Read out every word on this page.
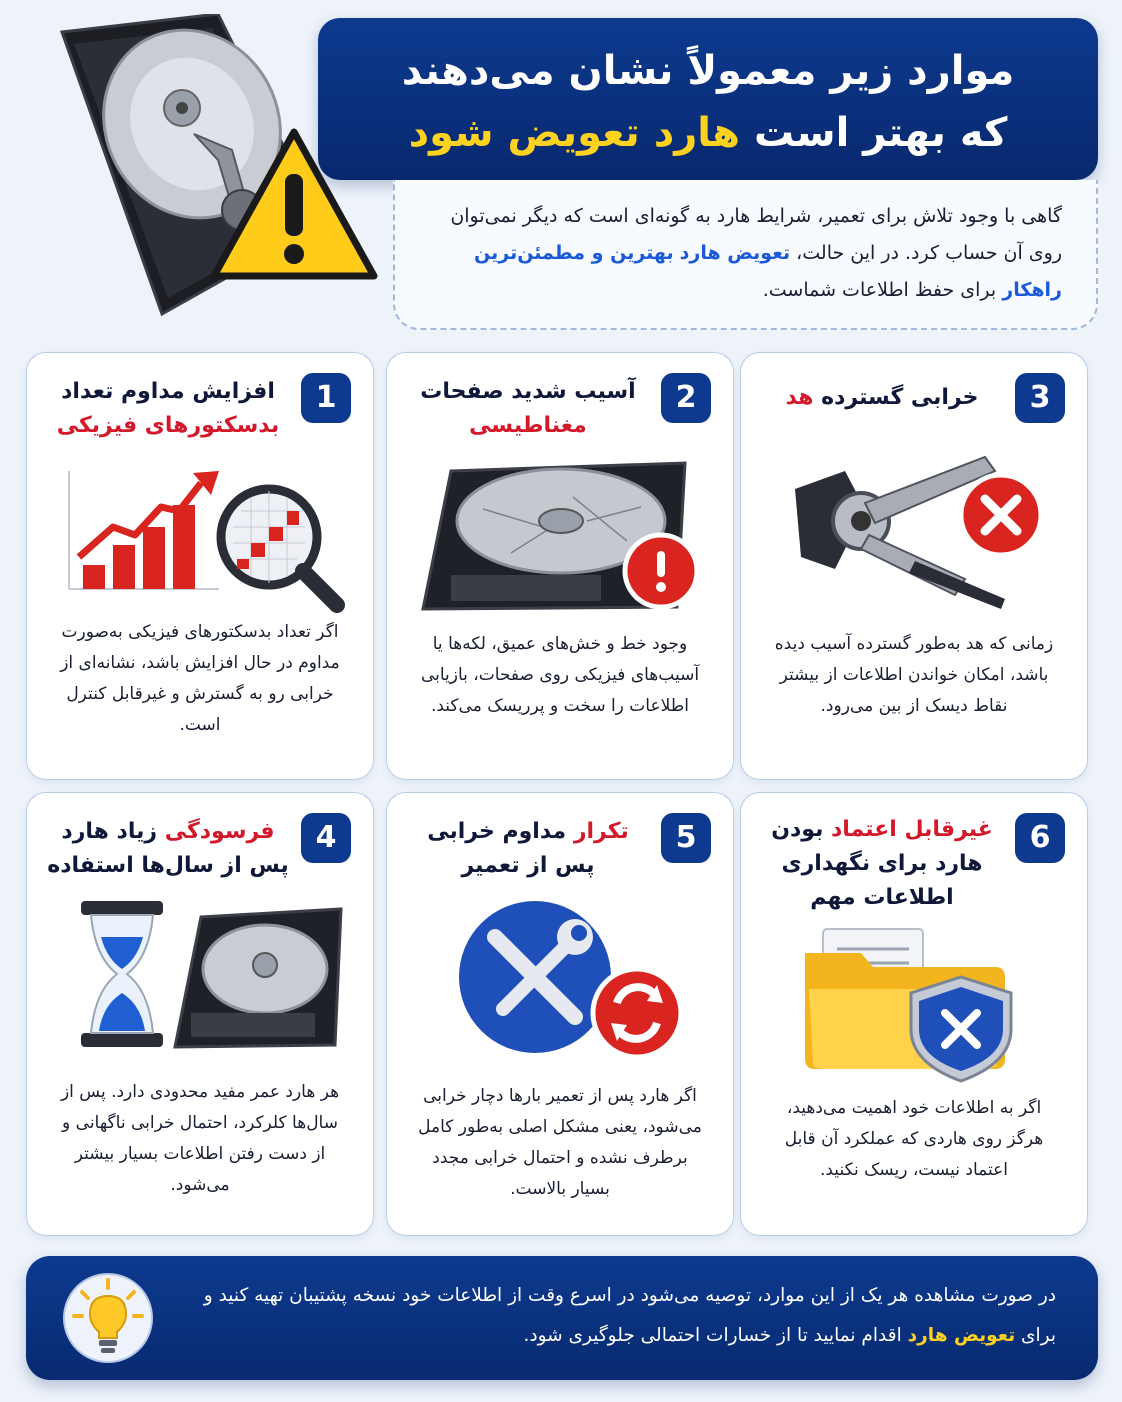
موارد زیر معمولاً نشان می‌دهند
که بهتر است هارد تعویض شود

گاهی با وجود تلاش برای تعمیر، شرایط هارد به گونه‌ای است که دیگر نمی‌توان روی آن حساب کرد. در این حالت، تعویض هارد بهترین و مطمئن‌ترین راهکار برای حفظ اطلاعات شماست.

1
افزایش مداوم تعداد
بدسکتورهای فیزیکی
اگر تعداد بدسکتورهای فیزیکی به‌صورت مداوم در حال افزایش باشد، نشانه‌ای از خرابی رو به گسترش و غیرقابل کنترل است.
2
آسیب شدید صفحات
مغناطیسی
وجود خط و خش‌های عمیق، لکه‌ها یا آسیب‌های فیزیکی روی صفحات، بازیابی اطلاعات را سخت و پرریسک می‌کند.
3
خرابی گسترده هد
زمانی که هد به‌طور گسترده آسیب دیده باشد، امکان خواندن اطلاعات از بیشتر نقاط دیسک از بین می‌رود.
4
فرسودگی زیاد هارد
پس از سال‌ها استفاده
هر هارد عمر مفید محدودی دارد. پس از سال‌ها کلرکرد، احتمال خرابی ناگهانی و از دست رفتن اطلاعات بسیار بیشتر می‌شود.
5
تکرار مداوم خرابی
پس از تعمیر
اگر هارد پس از تعمیر بارها دچار خرابی می‌شود، یعنی مشکل اصلی به‌طور کامل برطرف نشده و احتمال خرابی مجدد بسیار بالاست.
6
غیرقابل اعتماد بودن
هارد برای نگهداری
اطلاعات مهم
اگر به اطلاعات خود اهمیت می‌دهید، هرگز روی هاردی که عملکرد آن قابل اعتماد نیست، ریسک نکنید.

در صورت مشاهده هر یک از این موارد، توصیه می‌شود در اسرع وقت از اطلاعات خود نسخه پشتیبان تهیه کنید و برای تعویض هارد اقدام نمایید تا از خسارات احتمالی جلوگیری شود.
